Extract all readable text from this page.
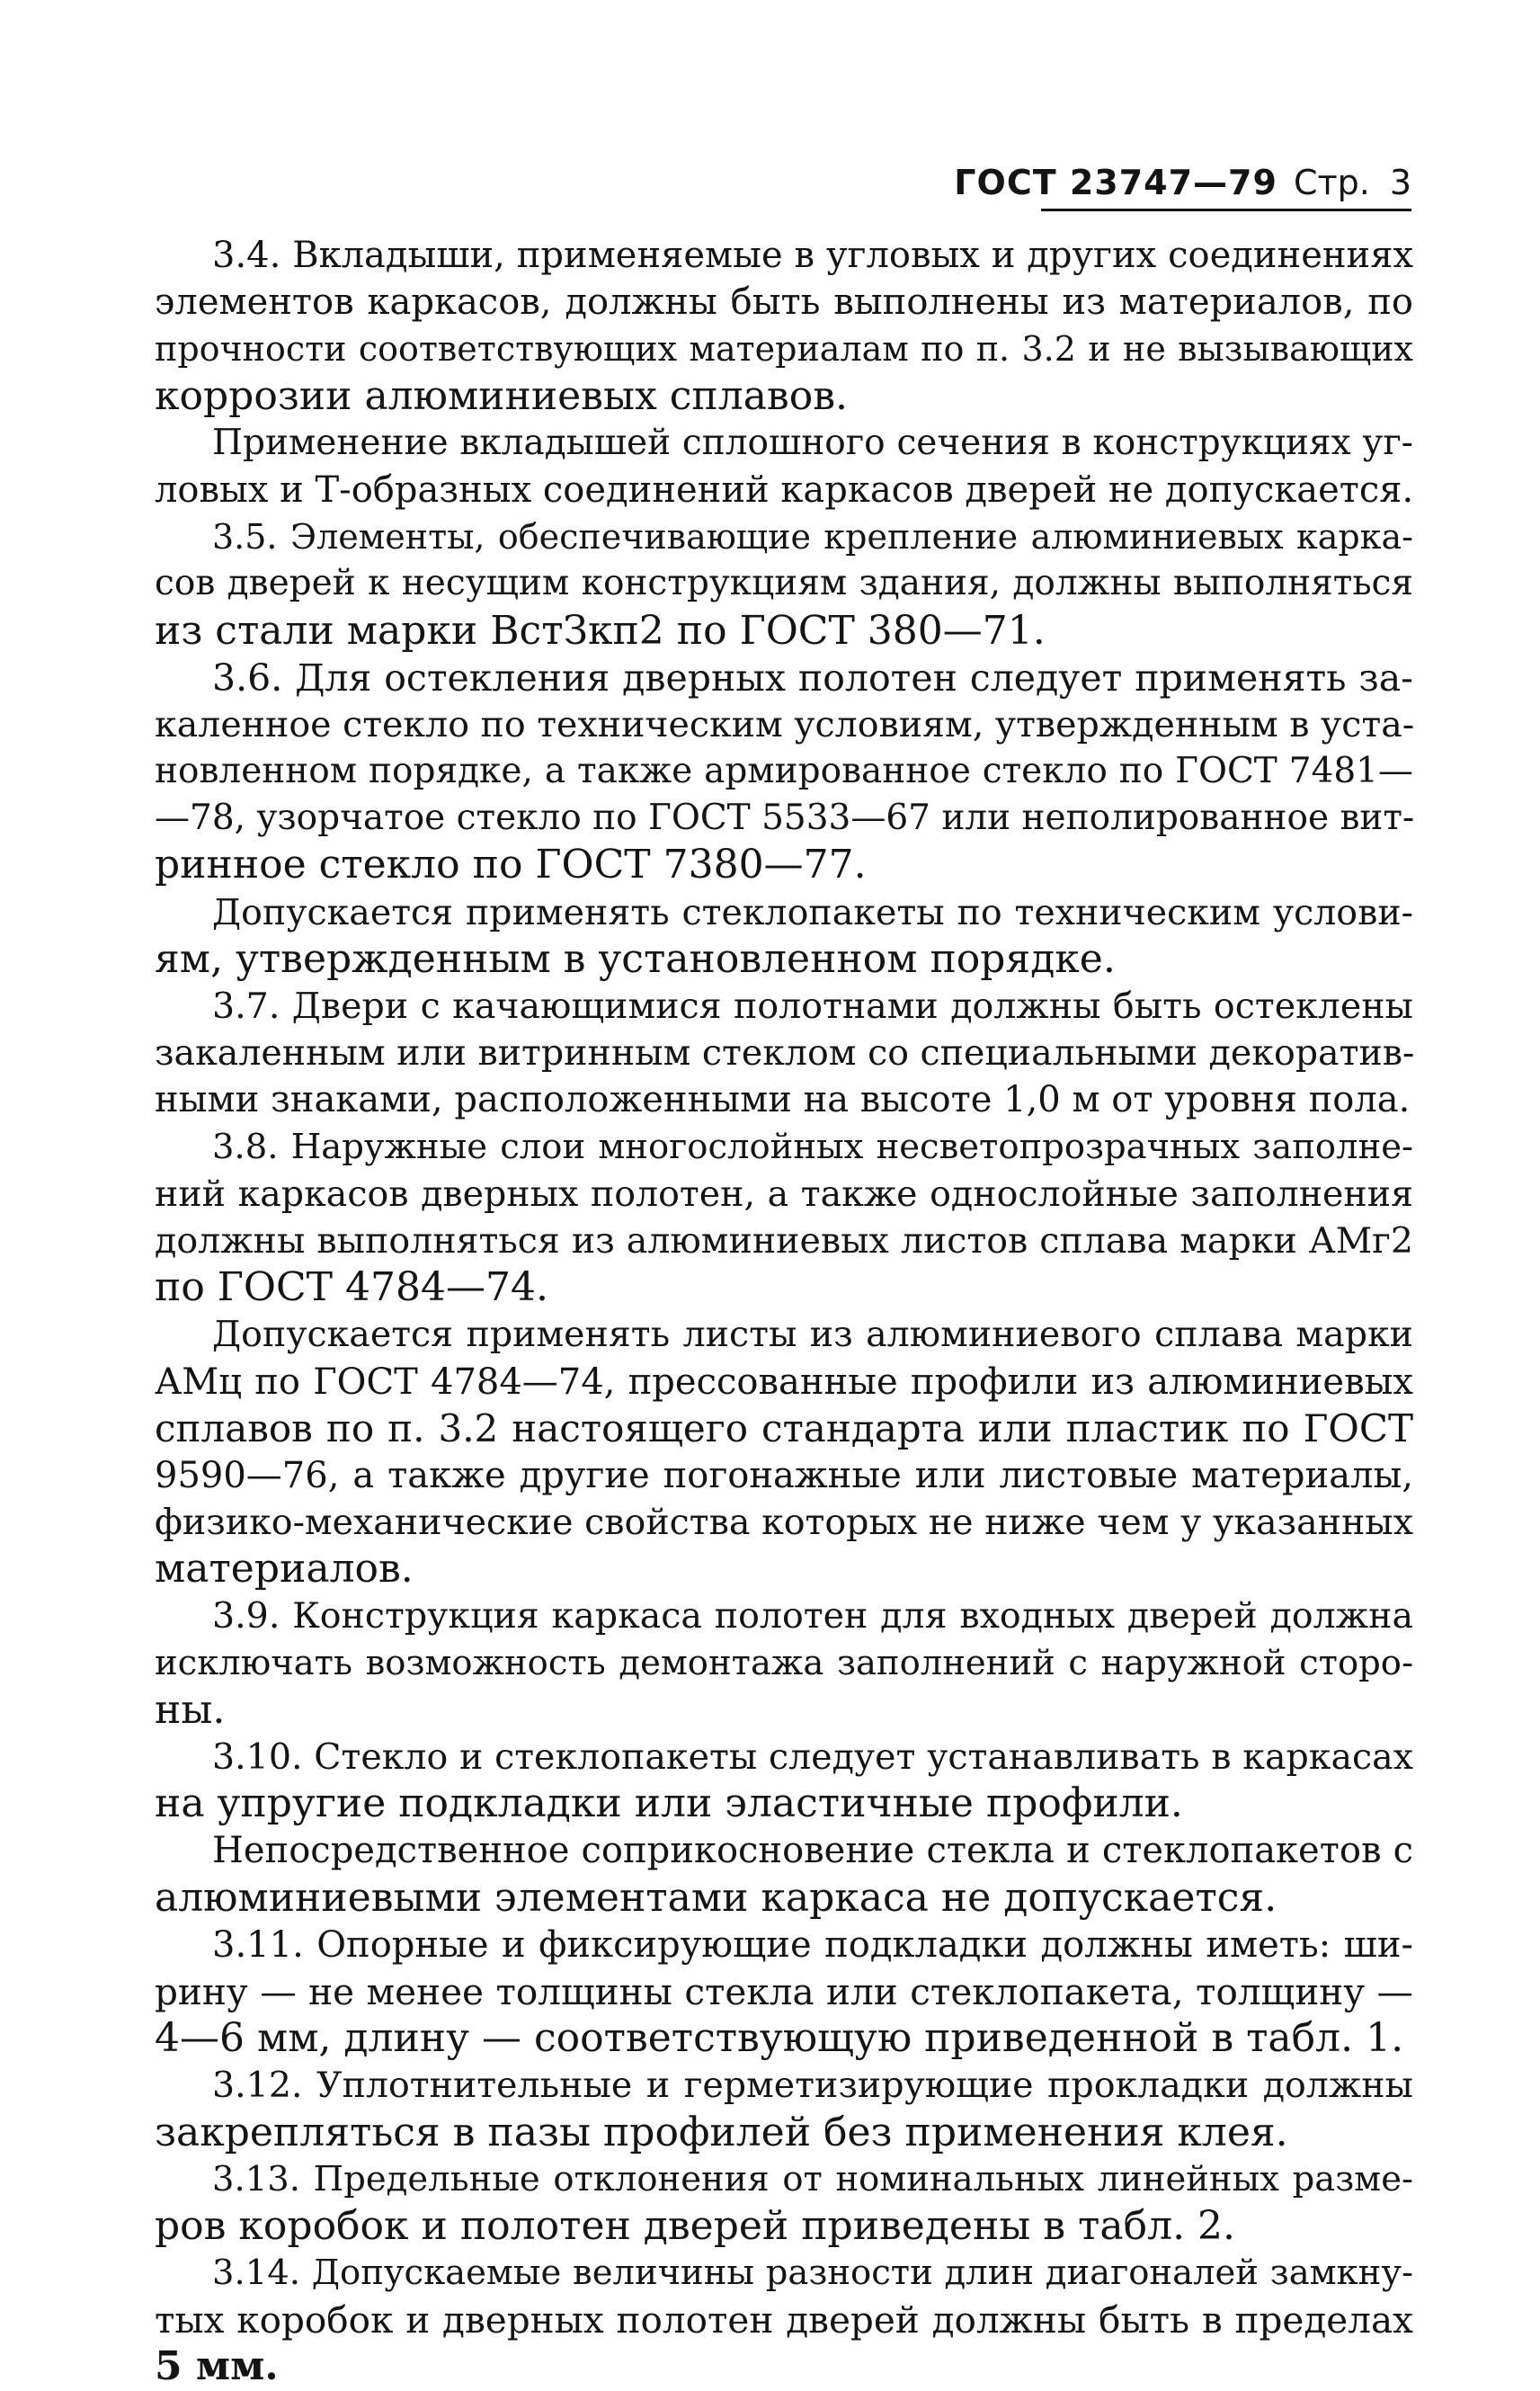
ГОСТ 23747—79 Стр. 3
3.4. Вкладыши, применяемые в угловых и других соединениях
элементов каркасов, должны быть выполнены из материалов, по
прочности соответствующих материалам по п. 3.2 и не вызывающих
коррозии алюминиевых сплавов.
Применение вкладышей сплошного сечения в конструкциях уг-
ловых и Т-образных соединений каркасов дверей не допускается.
3.5. Элементы, обеспечивающие крепление алюминиевых карка-
сов дверей к несущим конструкциям здания, должны выполняться
из стали марки ВстЗкп2 по ГОСТ 380—71.
3.6. Для остекления дверных полотен следует применять за-
каленное стекло по техническим условиям, утвержденным в уста-
новленном порядке, а также армированное стекло по ГОСТ 7481—
—78, узорчатое стекло по ГОСТ 5533—67 или неполированное вит-
ринное стекло по ГОСТ 7380—77.
Допускается применять стеклопакеты по техническим услови-
ям, утвержденным в установленном порядке.
3.7. Двери с качающимися полотнами должны быть остеклены
закаленным или витринным стеклом со специальными декоратив-
ными знаками, расположенными на высоте 1,0 м от уровня пола.
3.8. Наружные слои многослойных несветопрозрачных заполне-
ний каркасов дверных полотен, а также однослойные заполнения
должны выполняться из алюминиевых листов сплава марки АМг2
по ГОСТ 4784—74.
Допускается применять листы из алюминиевого сплава марки
АМц по ГОСТ 4784—74, прессованные профили из алюминиевых
сплавов по п. 3.2 настоящего стандарта или пластик по ГОСТ
9590—76, а также другие погонажные или листовые материалы,
физико-механические свойства которых не ниже чем у указанных
материалов.
3.9. Конструкция каркаса полотен для входных дверей должна
исключать возможность демонтажа заполнений с наружной сторо-
ны.
3.10. Стекло и стеклопакеты следует устанавливать в каркасах
на упругие подкладки или эластичные профили.
Непосредственное соприкосновение стекла и стеклопакетов с
алюминиевыми элементами каркаса не допускается.
3.11. Опорные и фиксирующие подкладки должны иметь: ши-
рину — не менее толщины стекла или стеклопакета, толщину —
4—6 мм, длину — соответствующую приведенной в табл. 1.
3.12. Уплотнительные и герметизирующие прокладки должны
закрепляться в пазы профилей без применения клея.
3.13. Предельные отклонения от номинальных линейных разме-
ров коробок и полотен дверей приведены в табл. 2.
3.14. Допускаемые величины разности длин диагоналей замкну-
тых коробок и дверных полотен дверей должны быть в пределах
5 мм.
